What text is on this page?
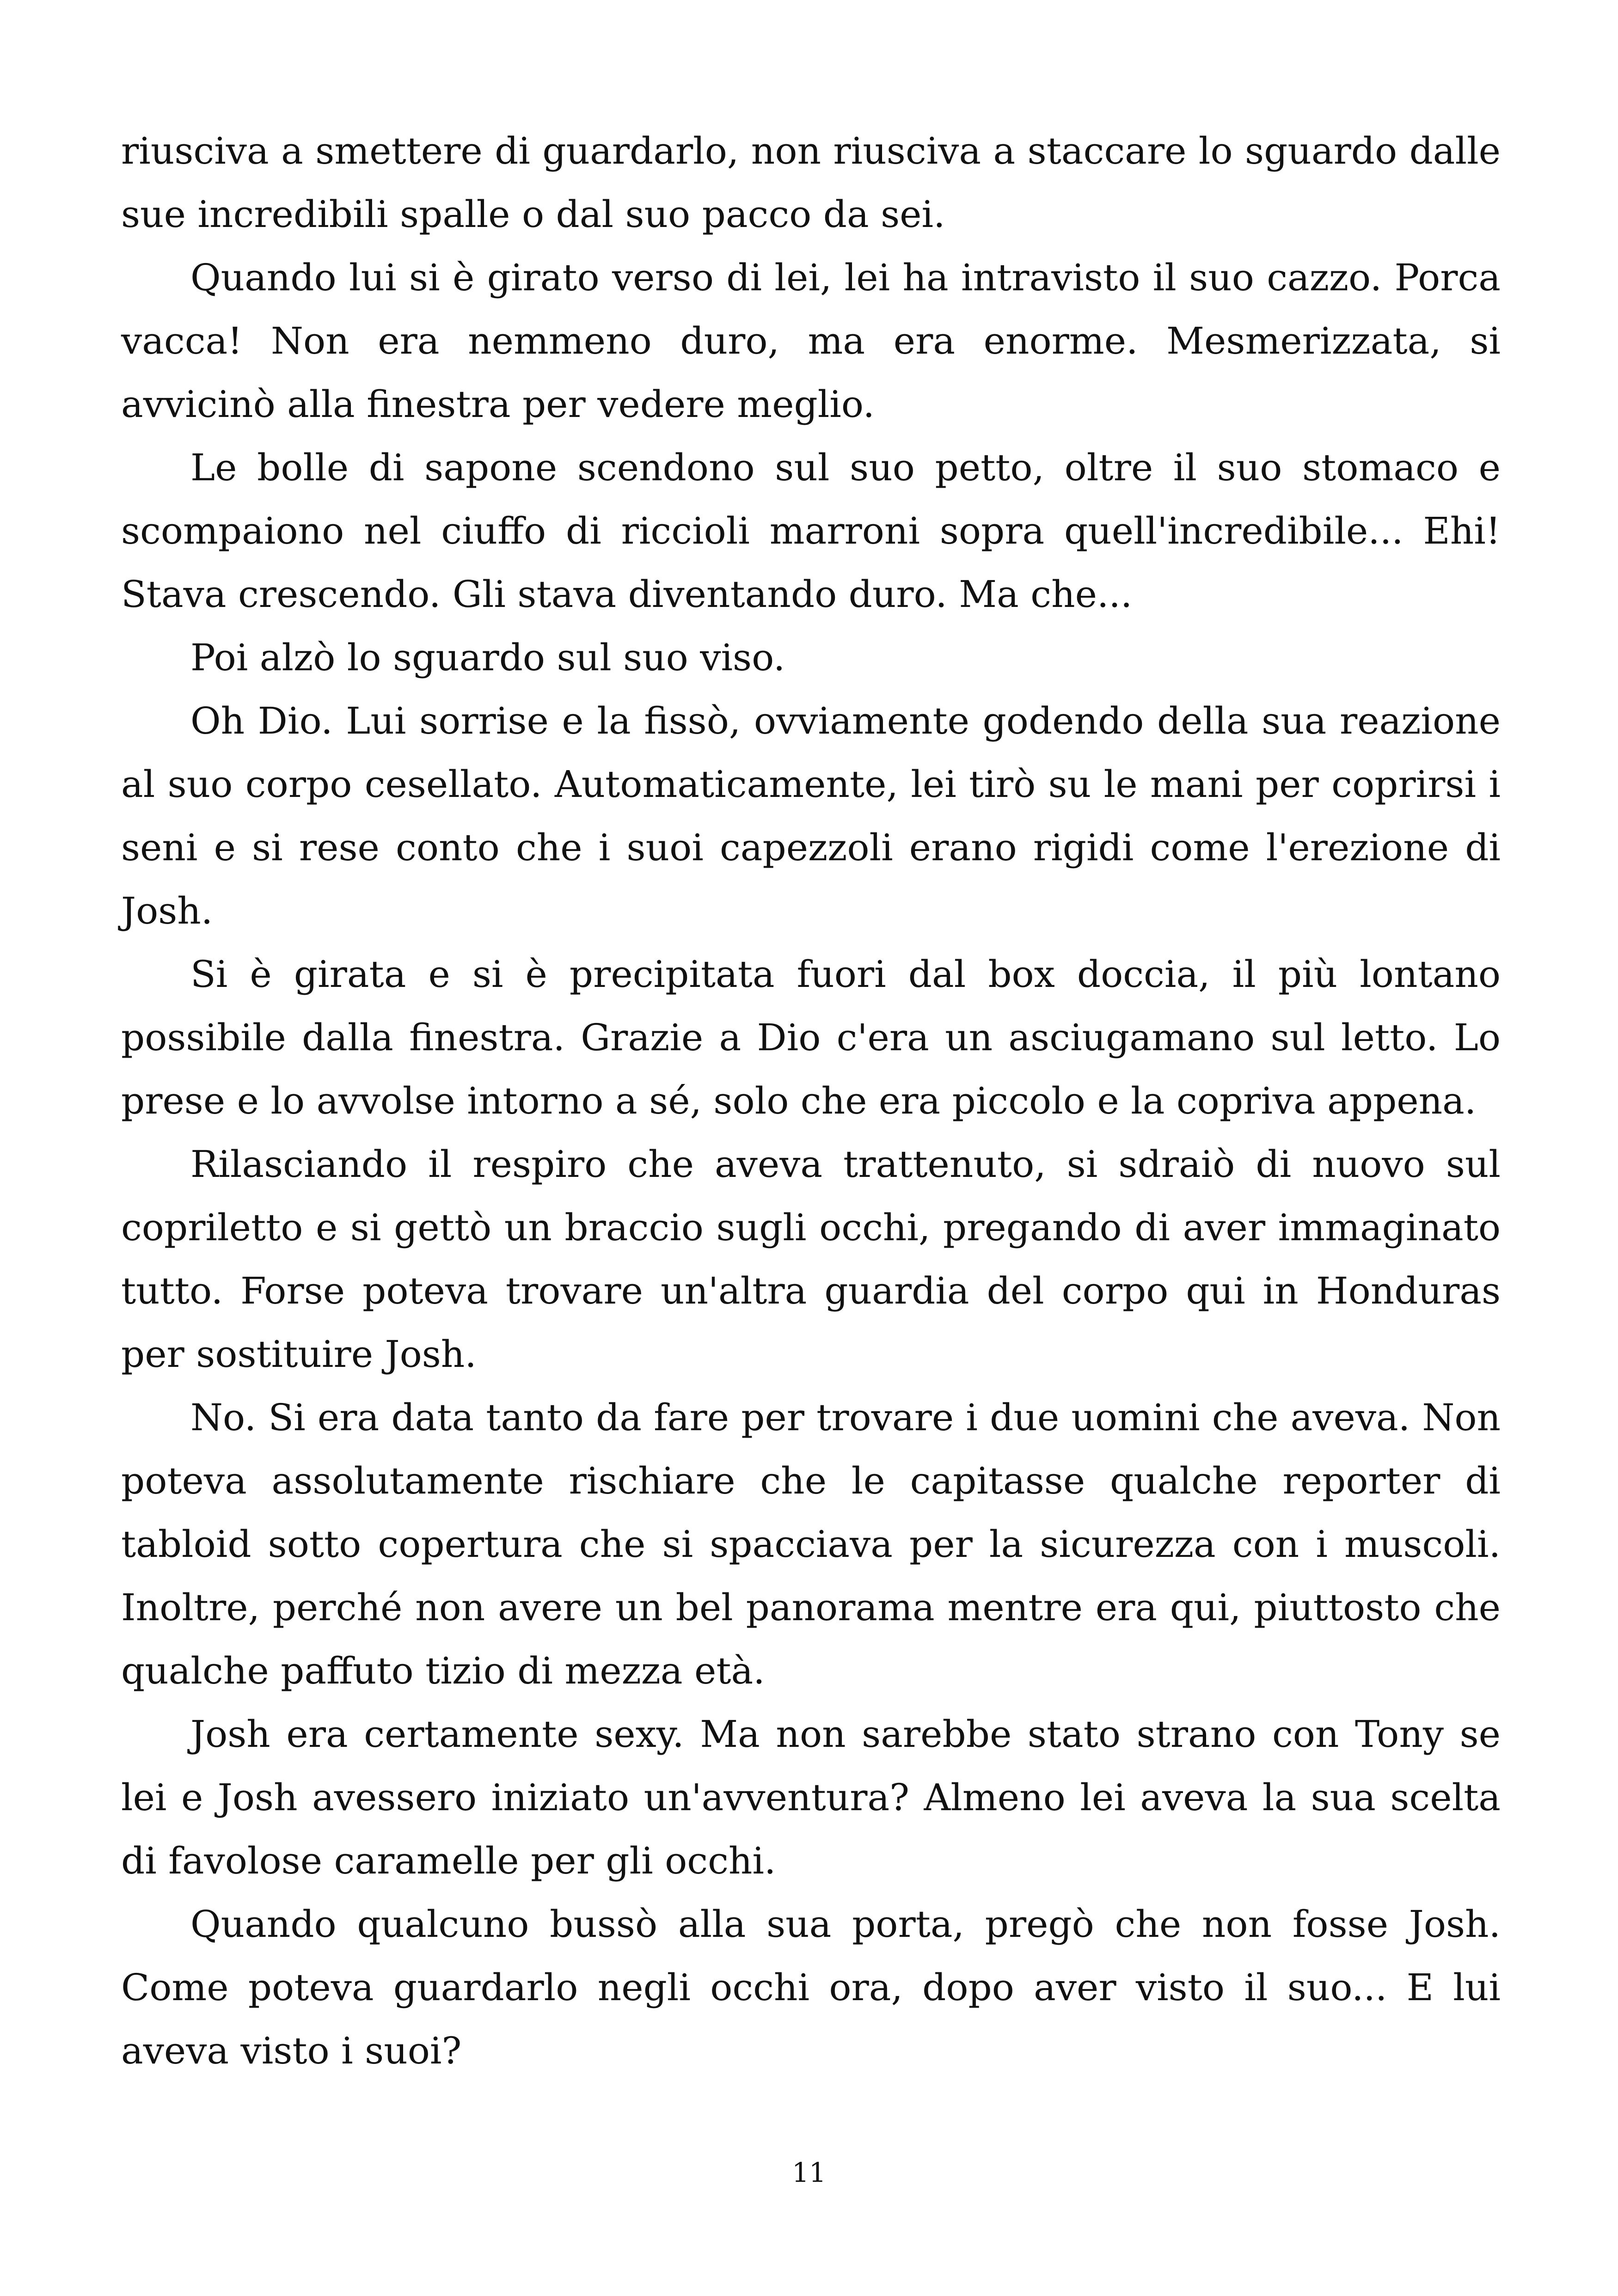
riusciva a smettere di guardarlo, non riusciva a staccare lo sguardo dalle sue incredibili spalle o dal suo pacco da sei.

Quando lui si è girato verso di lei, lei ha intravisto il suo cazzo. Porca vacca! Non era nemmeno duro, ma era enorme. Mesmerizzata, si avvicinò alla finestra per vedere meglio.

Le bolle di sapone scendono sul suo petto, oltre il suo stomaco e scompaiono nel ciuffo di riccioli marroni sopra quell'incredibile... Ehi! Stava crescendo. Gli stava diventando duro. Ma che...

Poi alzò lo sguardo sul suo viso.

Oh Dio. Lui sorrise e la fissò, ovviamente godendo della sua reazione al suo corpo cesellato. Automaticamente, lei tirò su le mani per coprirsi i seni e si rese conto che i suoi capezzoli erano rigidi come l'erezione di Josh.

Si è girata e si è precipitata fuori dal box doccia, il più lontano possibile dalla finestra. Grazie a Dio c'era un asciugamano sul letto. Lo prese e lo avvolse intorno a sé, solo che era piccolo e la copriva appena.

Rilasciando il respiro che aveva trattenuto, si sdraiò di nuovo sul copriletto e si gettò un braccio sugli occhi, pregando di aver immaginato tutto. Forse poteva trovare un'altra guardia del corpo qui in Honduras per sostituire Josh.

No. Si era data tanto da fare per trovare i due uomini che aveva. Non poteva assolutamente rischiare che le capitasse qualche reporter di tabloid sotto copertura che si spacciava per la sicurezza con i muscoli. Inoltre, perché non avere un bel panorama mentre era qui, piuttosto che qualche paffuto tizio di mezza età.

Josh era certamente sexy. Ma non sarebbe stato strano con Tony se lei e Josh avessero iniziato un'avventura? Almeno lei aveva la sua scelta di favolose caramelle per gli occhi.

Quando qualcuno bussò alla sua porta, pregò che non fosse Josh. Come poteva guardarlo negli occhi ora, dopo aver visto il suo... E lui aveva visto i suoi?

11
